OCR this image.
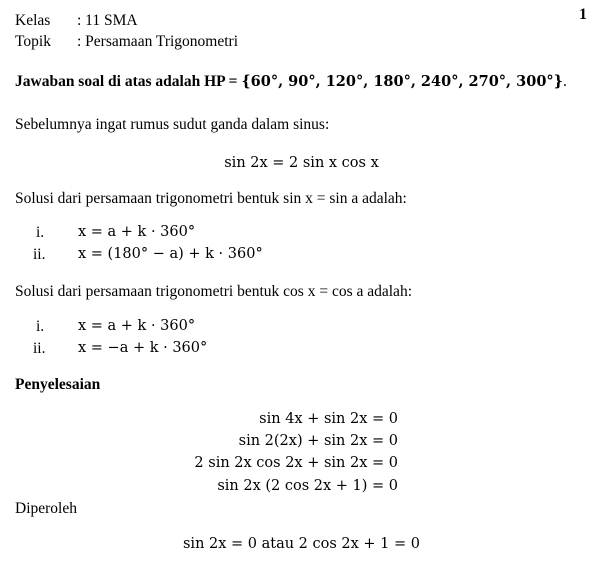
1
Kelas : 11 SMA
Topik : Persamaan Trigonometri
Jawaban soal di atas adalah HP = {60°, 90°, 120°, 180°, 240°, 270°, 300°}.
Sebelumnya ingat rumus sudut ganda dalam sinus:
sin 2x = 2 sin x cos x
Solusi dari persamaan trigonometri bentuk sin x = sin a adalah:
i. x = a + k · 360°
ii. x = (180° − a) + k · 360°
Solusi dari persamaan trigonometri bentuk cos x = cos a adalah:
i. x = a + k · 360°
ii. x = −a + k · 360°
Penyelesaian
sin 4x + sin 2x = 0
sin 2(2x) + sin 2x = 0
2 sin 2x cos 2x + sin 2x = 0
sin 2x (2 cos 2x + 1) = 0
Diperoleh
sin 2x = 0 atau 2 cos 2x + 1 = 0
